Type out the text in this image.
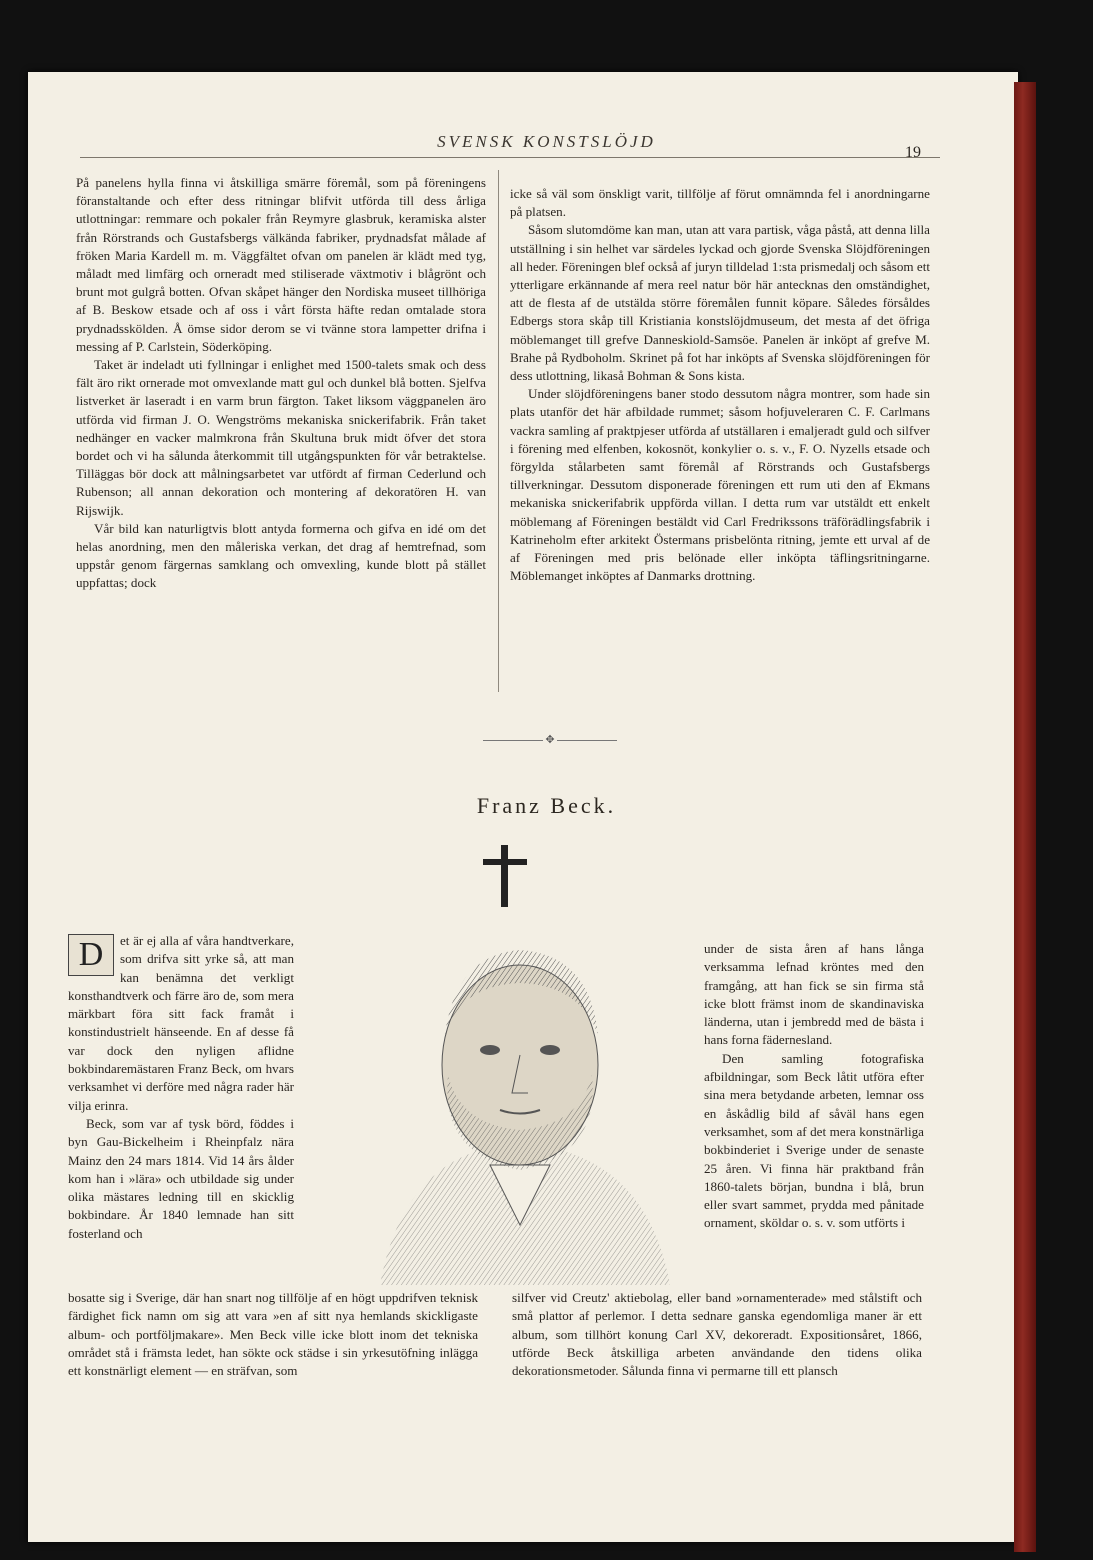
SVENSK KONSTSLÖJD
19

På panelens hylla finna vi åtskilliga smärre föremål, som på föreningens föranstaltande och efter dess ritningar blifvit utförda till dess årliga utlottningar: remmare och pokaler från Reymyre glasbruk, keramiska alster från Rörstrands och Gustafsbergs välkända fabriker, prydnadsfat målade af fröken Maria Kardell m. m. Väggfältet ofvan om panelen är klädt med tyg, måladt med limfärg och orneradt med stiliserade växtmotiv i blågrönt och brunt mot gulgrå botten. Ofvan skåpet hänger den Nordiska museet tillhöriga af B. Beskow etsade och af oss i vårt första häfte redan omtalade stora prydnadsskölden. Å ömse sidor derom se vi tvänne stora lampetter drifna i messing af P. Carlstein, Söderköping.

Taket är indeladt uti fyllningar i enlighet med 1500-talets smak och dess fält äro rikt ornerade mot omvexlande matt gul och dunkel blå botten. Sjelfva listverket är laseradt i en varm brun färgton. Taket liksom väggpanelen äro utförda vid firman J. O. Wengströms mekaniska snickerifabrik. Från taket nedhänger en vacker malmkrona från Skultuna bruk midt öfver det stora bordet och vi ha sålunda återkommit till utgångspunkten för vår betraktelse. Tilläggas bör dock att målningsarbetet var utfördt af firman Cederlund och Rubenson; all annan dekoration och montering af dekoratören H. van Rijswijk.

Vår bild kan naturligtvis blott antyda formerna och gifva en idé om det helas anordning, men den måleriska verkan, det drag af hemtrefnad, som uppstår genom färgernas samklang och omvexling, kunde blott på stället uppfattas; dock

icke så väl som önskligt varit, tillfölje af förut omnämnda fel i anordningarne på platsen.

Såsom slutomdöme kan man, utan att vara partisk, våga påstå, att denna lilla utställning i sin helhet var särdeles lyckad och gjorde Svenska Slöjdföreningen all heder. Föreningen blef också af juryn tilldelad 1:sta prismedalj och såsom ett ytterligare erkännande af mera reel natur bör här antecknas den omständighet, att de flesta af de utstälda större föremålen funnit köpare. Således försåldes Edbergs stora skåp till Kristiania konstslöjdmuseum, det mesta af det öfriga möblemanget till grefve Danneskiold-Samsöe. Panelen är inköpt af grefve M. Brahe på Rydboholm. Skrinet på fot har inköpts af Svenska slöjdföreningen för dess utlottning, likaså Bohman & Sons kista.

Under slöjdföreningens baner stodo dessutom några montrer, som hade sin plats utanför det här afbildade rummet; såsom hofjuveleraren C. F. Carlmans vackra samling af praktpjeser utförda af utställaren i emaljeradt guld och silfver i förening med elfenben, kokosnöt, konkylier o. s. v., F. O. Nyzells etsade och förgylda stålarbeten samt föremål af Rörstrands och Gustafsbergs tillverkningar. Dessutom disponerade föreningen ett rum uti den af Ekmans mekaniska snickerifabrik uppförda villan. I detta rum var utstäldt ett enkelt möblemang af Föreningen bestäldt vid Carl Fredrikssons träförädlingsfabrik i Katrineholm efter arkitekt Östermans prisbelönta ritning, jemte ett urval af de af Föreningen med pris belönade eller inköpta täflingsritningarne. Möblemanget inköptes af Danmarks drottning.

✥
Franz Beck.

D	et är ej alla af våra handtverkare, som drifva sitt yrke så, att man kan benämna det verkligt konsthandtverk och färre äro de, som mera märkbart föra sitt fack framåt i konstindustrielt hänseende. En af desse få var dock den nyligen aflidne bokbindaremästaren Franz Beck, om hvars verksamhet vi derföre med några rader här vilja erinra.

Beck, som var af tysk börd, föddes i byn Gau-Bickelheim i Rheinpfalz nära Mainz den 24 mars 1814. Vid 14 års ålder kom han i »lära» och utbildade sig under olika mästares ledning till en skicklig bokbindare. År 1840 lemnade han sitt fosterland och

under de sista åren af hans långa verksamma lefnad kröntes med den framgång, att han fick se sin firma stå icke blott främst inom de skandinaviska länderna, utan i jembredd med de bästa i hans forna fädernesland.

Den samling fotografiska afbildningar, som Beck låtit utföra efter sina mera betydande arbeten, lemnar oss en åskådlig bild af såväl hans egen verksamhet, som af det mera konstnärliga bokbinderiet i Sverige under de senaste 25 åren. Vi finna här praktband från 1860-talets början, bundna i blå, brun eller svart sammet, prydda med pånitade ornament, sköldar o. s. v. som utförts i

bosatte sig i Sverige, där han snart nog tillfölje af en högt uppdrifven teknisk färdighet fick namn om sig att vara »en af sitt nya hemlands skickligaste album- och portföljmakare». Men Beck ville icke blott inom det tekniska området stå i främsta ledet, han sökte ock städse i sin yrkesutöfning inlägga ett konstnärligt element — en sträfvan, som
silfver vid Creutz' aktiebolag, eller band »ornamenterade» med stålstift och små plattor af perlemor. I detta sednare ganska egendomliga maner är ett album, som tillhört konung Carl XV, dekoreradt. Expositionsåret, 1866, utförde Beck åtskilliga arbeten användande den tidens olika dekorationsmetoder. Sålunda finna vi permarne till ett plansch
